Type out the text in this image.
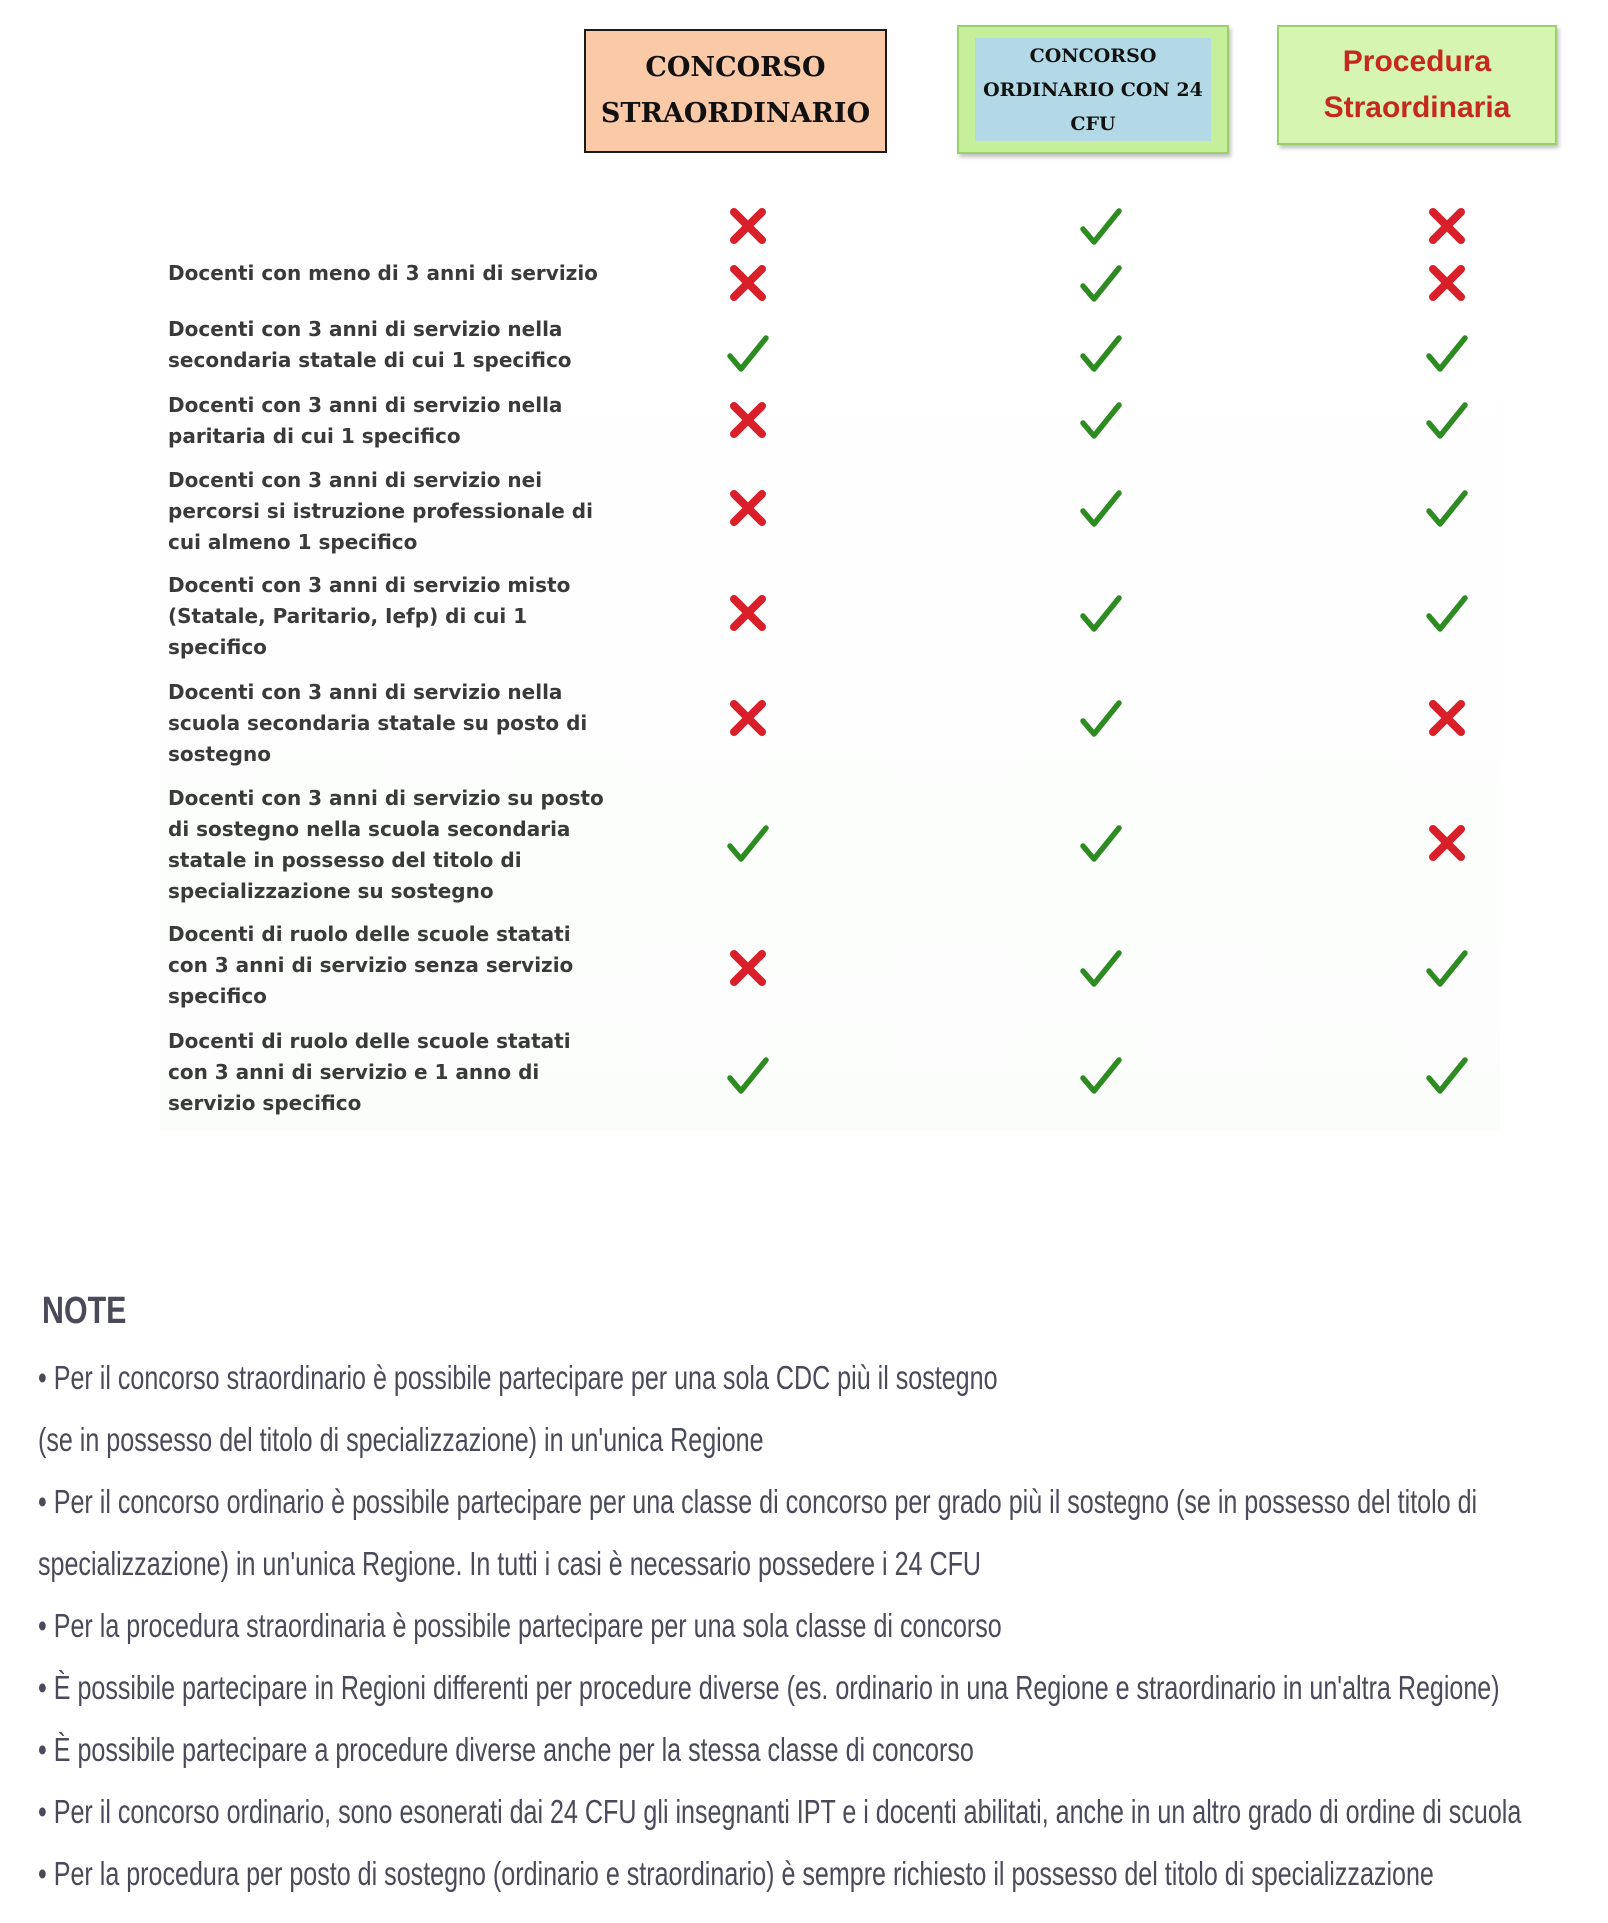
CONCORSO
STRAORDINARIO
CONCORSO
ORDINARIO CON 24
CFU
Procedura
Straordinaria
Docenti con meno di 3 anni di servizio
Docenti con 3 anni di servizio nella
secondaria statale di cui 1 specifico
Docenti con 3 anni di servizio nella
paritaria di cui 1 specifico
Docenti con 3 anni di servizio nei
percorsi si istruzione professionale di
cui almeno 1 specifico
Docenti con 3 anni di servizio misto
(Statale, Paritario, Iefp) di cui 1
specifico
Docenti con 3 anni di servizio nella
scuola secondaria statale su posto di
sostegno
Docenti con 3 anni di servizio su posto
di sostegno nella scuola secondaria
statale in possesso del titolo di
specializzazione su sostegno
Docenti di ruolo delle scuole statati
con 3 anni di servizio senza servizio
specifico
Docenti di ruolo delle scuole statati
con 3 anni di servizio e 1 anno di
servizio specifico
NOTE
• Per il concorso straordinario è possibile partecipare per una sola CDC più il sostegno
(se in possesso del titolo di specializzazione) in un'unica Regione
• Per il concorso ordinario è possibile partecipare per una classe di concorso per grado più il sostegno (se in possesso del titolo di
specializzazione) in un'unica Regione. In tutti i casi è necessario possedere i 24 CFU
• Per la procedura straordinaria è possibile partecipare per una sola classe di concorso
• È possibile partecipare in Regioni differenti per procedure diverse (es. ordinario in una Regione e straordinario in un'altra Regione)
• È possibile partecipare a procedure diverse anche per la stessa classe di concorso
• Per il concorso ordinario, sono esonerati dai 24 CFU gli insegnanti IPT e i docenti abilitati, anche in un altro grado di ordine di scuola
• Per la procedura per posto di sostegno (ordinario e straordinario) è sempre richiesto il possesso del titolo di specializzazione
